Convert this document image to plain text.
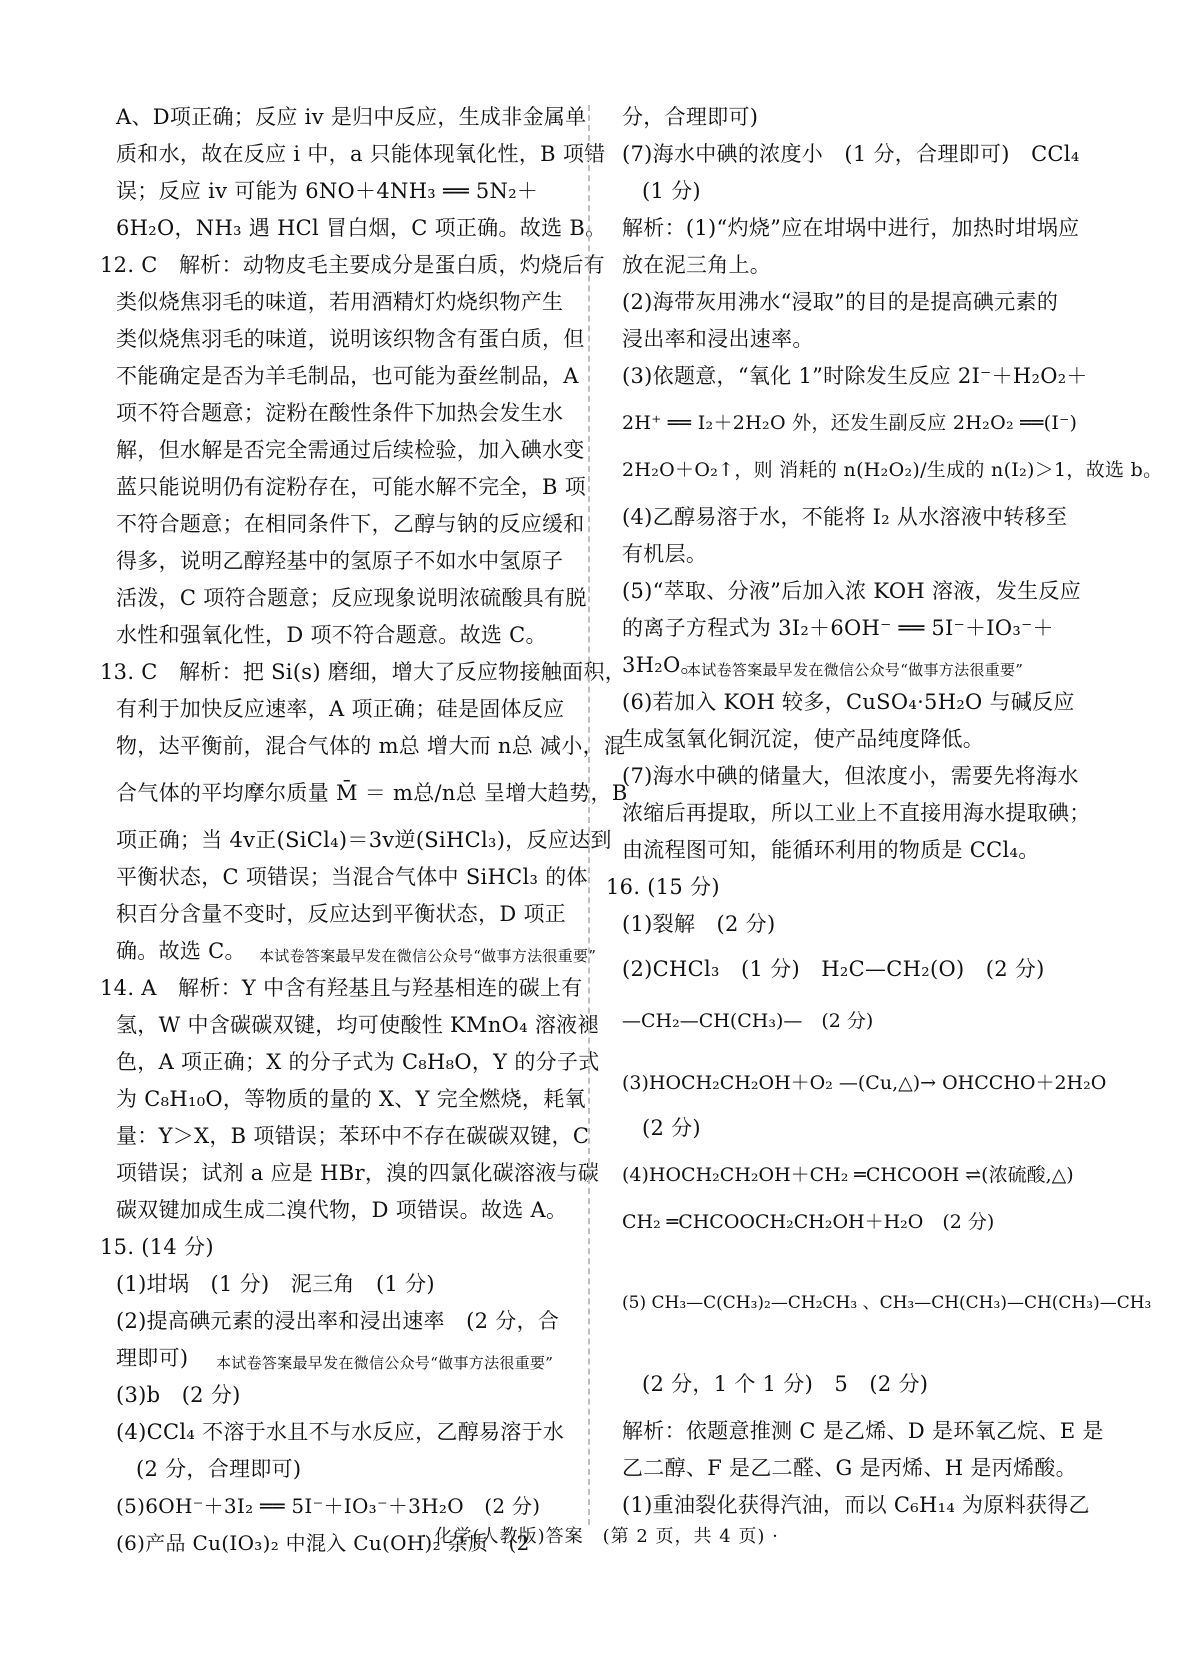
A、D项正确；反应 iv 是归中反应，生成非金属单
质和水，故在反应 i 中，a 只能体现氧化性，B 项错
误；反应 iv 可能为 6NO＋4NH₃ ══ 5N₂＋
6H₂O，NH₃ 遇 HCl 冒白烟，C 项正确。故选 B。
12. C　解析：动物皮毛主要成分是蛋白质，灼烧后有
类似烧焦羽毛的味道，若用酒精灯灼烧织物产生
类似烧焦羽毛的味道，说明该织物含有蛋白质，但
不能确定是否为羊毛制品，也可能为蚕丝制品，A
项不符合题意；淀粉在酸性条件下加热会发生水
解，但水解是否完全需通过后续检验，加入碘水变
蓝只能说明仍有淀粉存在，可能水解不完全，B 项
不符合题意；在相同条件下，乙醇与钠的反应缓和
得多，说明乙醇羟基中的氢原子不如水中氢原子
活泼，C 项符合题意；反应现象说明浓硫酸具有脱
水性和强氧化性，D 项不符合题意。故选 C。
13. C　解析：把 Si(s) 磨细，增大了反应物接触面积，
有利于加快反应速率，A 项正确；硅是固体反应
物，达平衡前，混合气体的 m总 增大而 n总 减小，混
合气体的平均摩尔质量 M̄ ＝ m总/n总 呈增大趋势，B
项正确；当 4v正(SiCl₄)＝3v逆(SiHCl₃)，反应达到
平衡状态，C 项错误；当混合气体中 SiHCl₃ 的体
积百分含量不变时，反应达到平衡状态，D 项正
确。故选 C。 本试卷答案最早发在微信公众号“做事方法很重要”
14. A　解析：Y 中含有羟基且与羟基相连的碳上有
氢，W 中含碳碳双键，均可使酸性 KMnO₄ 溶液褪
色，A 项正确；X 的分子式为 C₈H₈O，Y 的分子式
为 C₈H₁₀O，等物质的量的 X、Y 完全燃烧，耗氧
量：Y＞X，B 项错误；苯环中不存在碳碳双键，C
项错误；试剂 a 应是 HBr，溴的四氯化碳溶液与碳
碳双键加成生成二溴代物，D 项错误。故选 A。
15. (14 分)
(1)坩埚　(1 分)　泥三角　(1 分)
(2)提高碘元素的浸出率和浸出速率　(2 分，合
理即可) 本试卷答案最早发在微信公众号“做事方法很重要”
(3)b　(2 分)
(4)CCl₄ 不溶于水且不与水反应，乙醇易溶于水
(2 分，合理即可)
(5)6OH⁻＋3I₂ ══ 5I⁻＋IO₃⁻＋3H₂O　(2 分)
(6)产品 Cu(IO₃)₂ 中混入 Cu(OH)₂ 杂质　(2
分，合理即可)
(7)海水中碘的浓度小　(1 分，合理即可)　CCl₄
(1 分)
解析：(1)“灼烧”应在坩埚中进行，加热时坩埚应
放在泥三角上。
(2)海带灰用沸水“浸取”的目的是提高碘元素的
浸出率和浸出速率。
(3)依题意，“氧化 1”时除发生反应 2I⁻＋H₂O₂＋
2H⁺ ══ I₂＋2H₂O 外，还发生副反应 2H₂O₂ ══(I⁻)
2H₂O＋O₂↑，则 消耗的 n(H₂O₂)/生成的 n(I₂)＞1，故选 b。
(4)乙醇易溶于水，不能将 I₂ 从水溶液中转移至
有机层。
(5)“萃取、分液”后加入浓 KOH 溶液，发生反应
的离子方程式为 3I₂＋6OH⁻ ══ 5I⁻＋IO₃⁻＋
3H₂O。
本试卷答案最早发在微信公众号“做事方法很重要”
(6)若加入 KOH 较多，CuSO₄·5H₂O 与碱反应
生成氢氧化铜沉淀，使产品纯度降低。
(7)海水中碘的储量大，但浓度小，需要先将海水
浓缩后再提取，所以工业上不直接用海水提取碘；
由流程图可知，能循环利用的物质是 CCl₄。
16. (15 分)
(1)裂解　(2 分)
(2)CHCl₃　(1 分)　H₂C—CH₂(O)　(2 分)
—CH₂—CH(CH₃)—　(2 分)
(3)HOCH₂CH₂OH＋O₂ —(Cu,△)→ OHCCHO＋2H₂O
(2 分)
(4)HOCH₂CH₂OH＋CH₂ ═CHCOOH ⇌(浓硫酸,△)
CH₂ ═CHCOOCH₂CH₂OH＋H₂O　(2 分)
(5) CH₃—C(CH₃)₂—CH₂CH₃ 、CH₃—CH(CH₃)—CH(CH₃)—CH₃
(2 分，1 个 1 分)　5　(2 分)
解析：依题意推测 C 是乙烯、D 是环氧乙烷、E 是
乙二醇、F 是乙二醛、G 是丙烯、H 是丙烯酸。
(1)重油裂化获得汽油，而以 C₆H₁₄ 为原料获得乙
· 化学(人教版)答案　(第 2 页，共 4 页) ·
